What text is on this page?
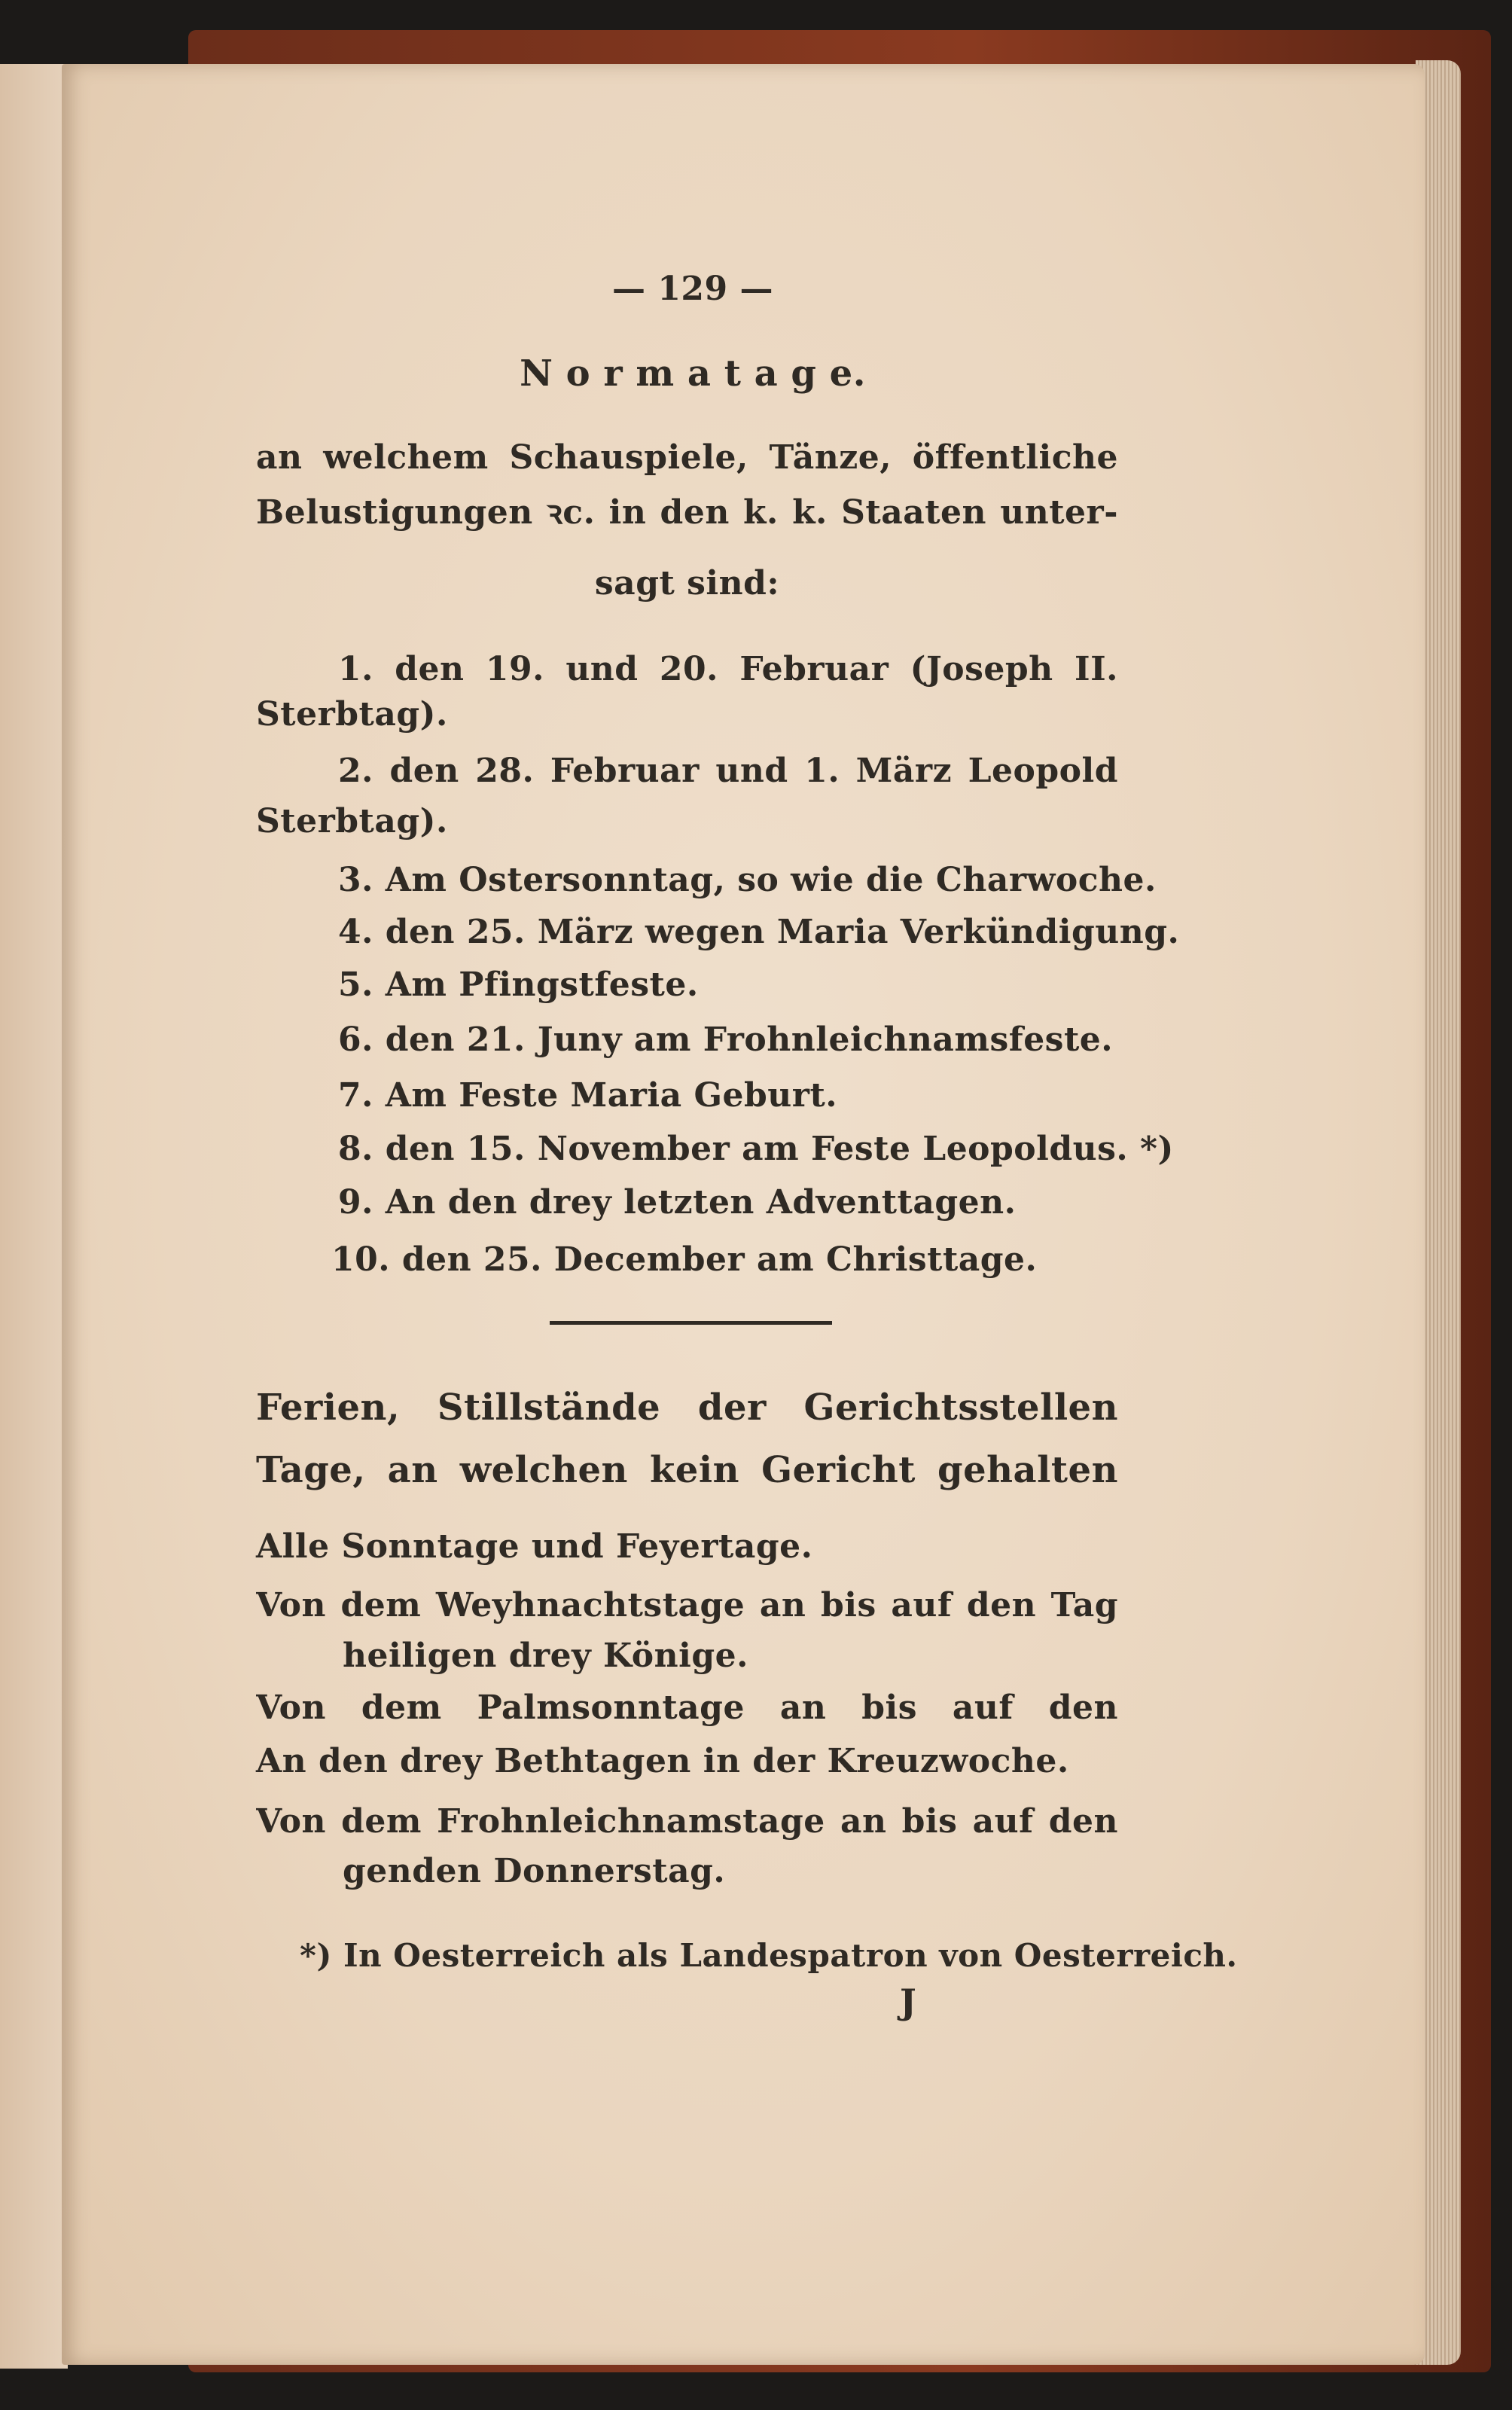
— 129 —
N o r m a t a g e.
an welchem Schauspiele, Tänze, öffentliche
Belustigungen ꝛc. in den k. k. Staaten unter-
sagt sind:
1. den 19. und 20. Februar (Joseph II.
Sterbtag).
2. den 28. Februar und 1. März Leopold
Sterbtag).
3. Am Ostersonntag, so wie die Charwoche.
4. den 25. März wegen Maria Verkündigung.
5. Am Pfingstfeste.
6. den 21. Juny am Frohnleichnamsfeste.
7. Am Feste Maria Geburt.
8. den 15. November am Feste Leopoldus. *)
9. An den drey letzten Adventtagen.
10. den 25. December am Christtage.
Ferien, Stillstände der Gerichtsstellen
Tage, an welchen kein Gericht gehalten
Alle Sonntage und Feyertage.
Von dem Weyhnachtstage an bis auf den Tag
heiligen drey Könige.
Von dem Palmsonntage an bis auf den
An den drey Bethtagen in der Kreuzwoche.
Von dem Frohnleichnamstage an bis auf den
genden Donnerstag.
*) In Oesterreich als Landespatron von Oesterreich.
J
